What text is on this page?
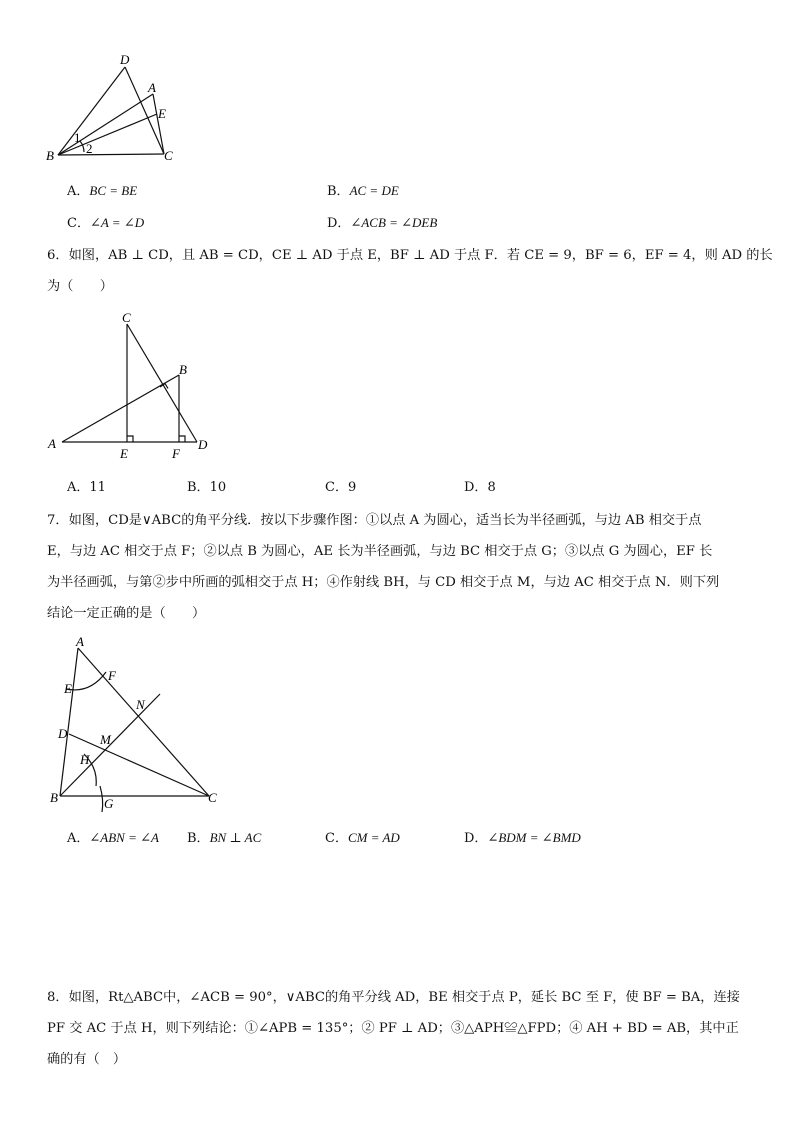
D
A
E
B	C
1
2
A．BC = BE	B．AC = DE
C．∠A = ∠D	D．∠ACB = ∠DEB
6．如图，AB ⊥ CD，且 AB = CD，CE ⊥ AD 于点 E，BF ⊥ AD 于点 F．若 CE = 9，BF = 6，EF = 4，则 AD 的长
为（　　）
C
B
A
E	F
D
A．11	B．10	C．9	D．8
7．如图，CD是∨ABC的角平分线．按以下步骤作图：①以点 A 为圆心，适当长为半径画弧，与边 AB 相交于点
E，与边 AC 相交于点 F；②以点 B 为圆心，AE 长为半径画弧，与边 BC 相交于点 G；③以点 G 为圆心，EF 长
为半径画弧，与第②步中所画的弧相交于点 H；④作射线 BH，与 CD 相交于点 M，与边 AC 相交于点 N．则下列
结论一定正确的是（　　）
A
F
E
N
D	M
H
B	G	C
A．∠ABN = ∠A B．BN ⊥ AC	C．CM = AD	D．∠BDM = ∠BMD
8．如图，Rt△ABC中，∠ACB = 90°，∨ABC的角平分线 AD，BE 相交于点 P，延长 BC 至 F，使 BF = BA，连接
PF 交 AC 于点 H，则下列结论：①∠APB = 135°；② PF ⊥ AD；③△APH≌△FPD；④ AH + BD = AB，其中正
确的有（　）
